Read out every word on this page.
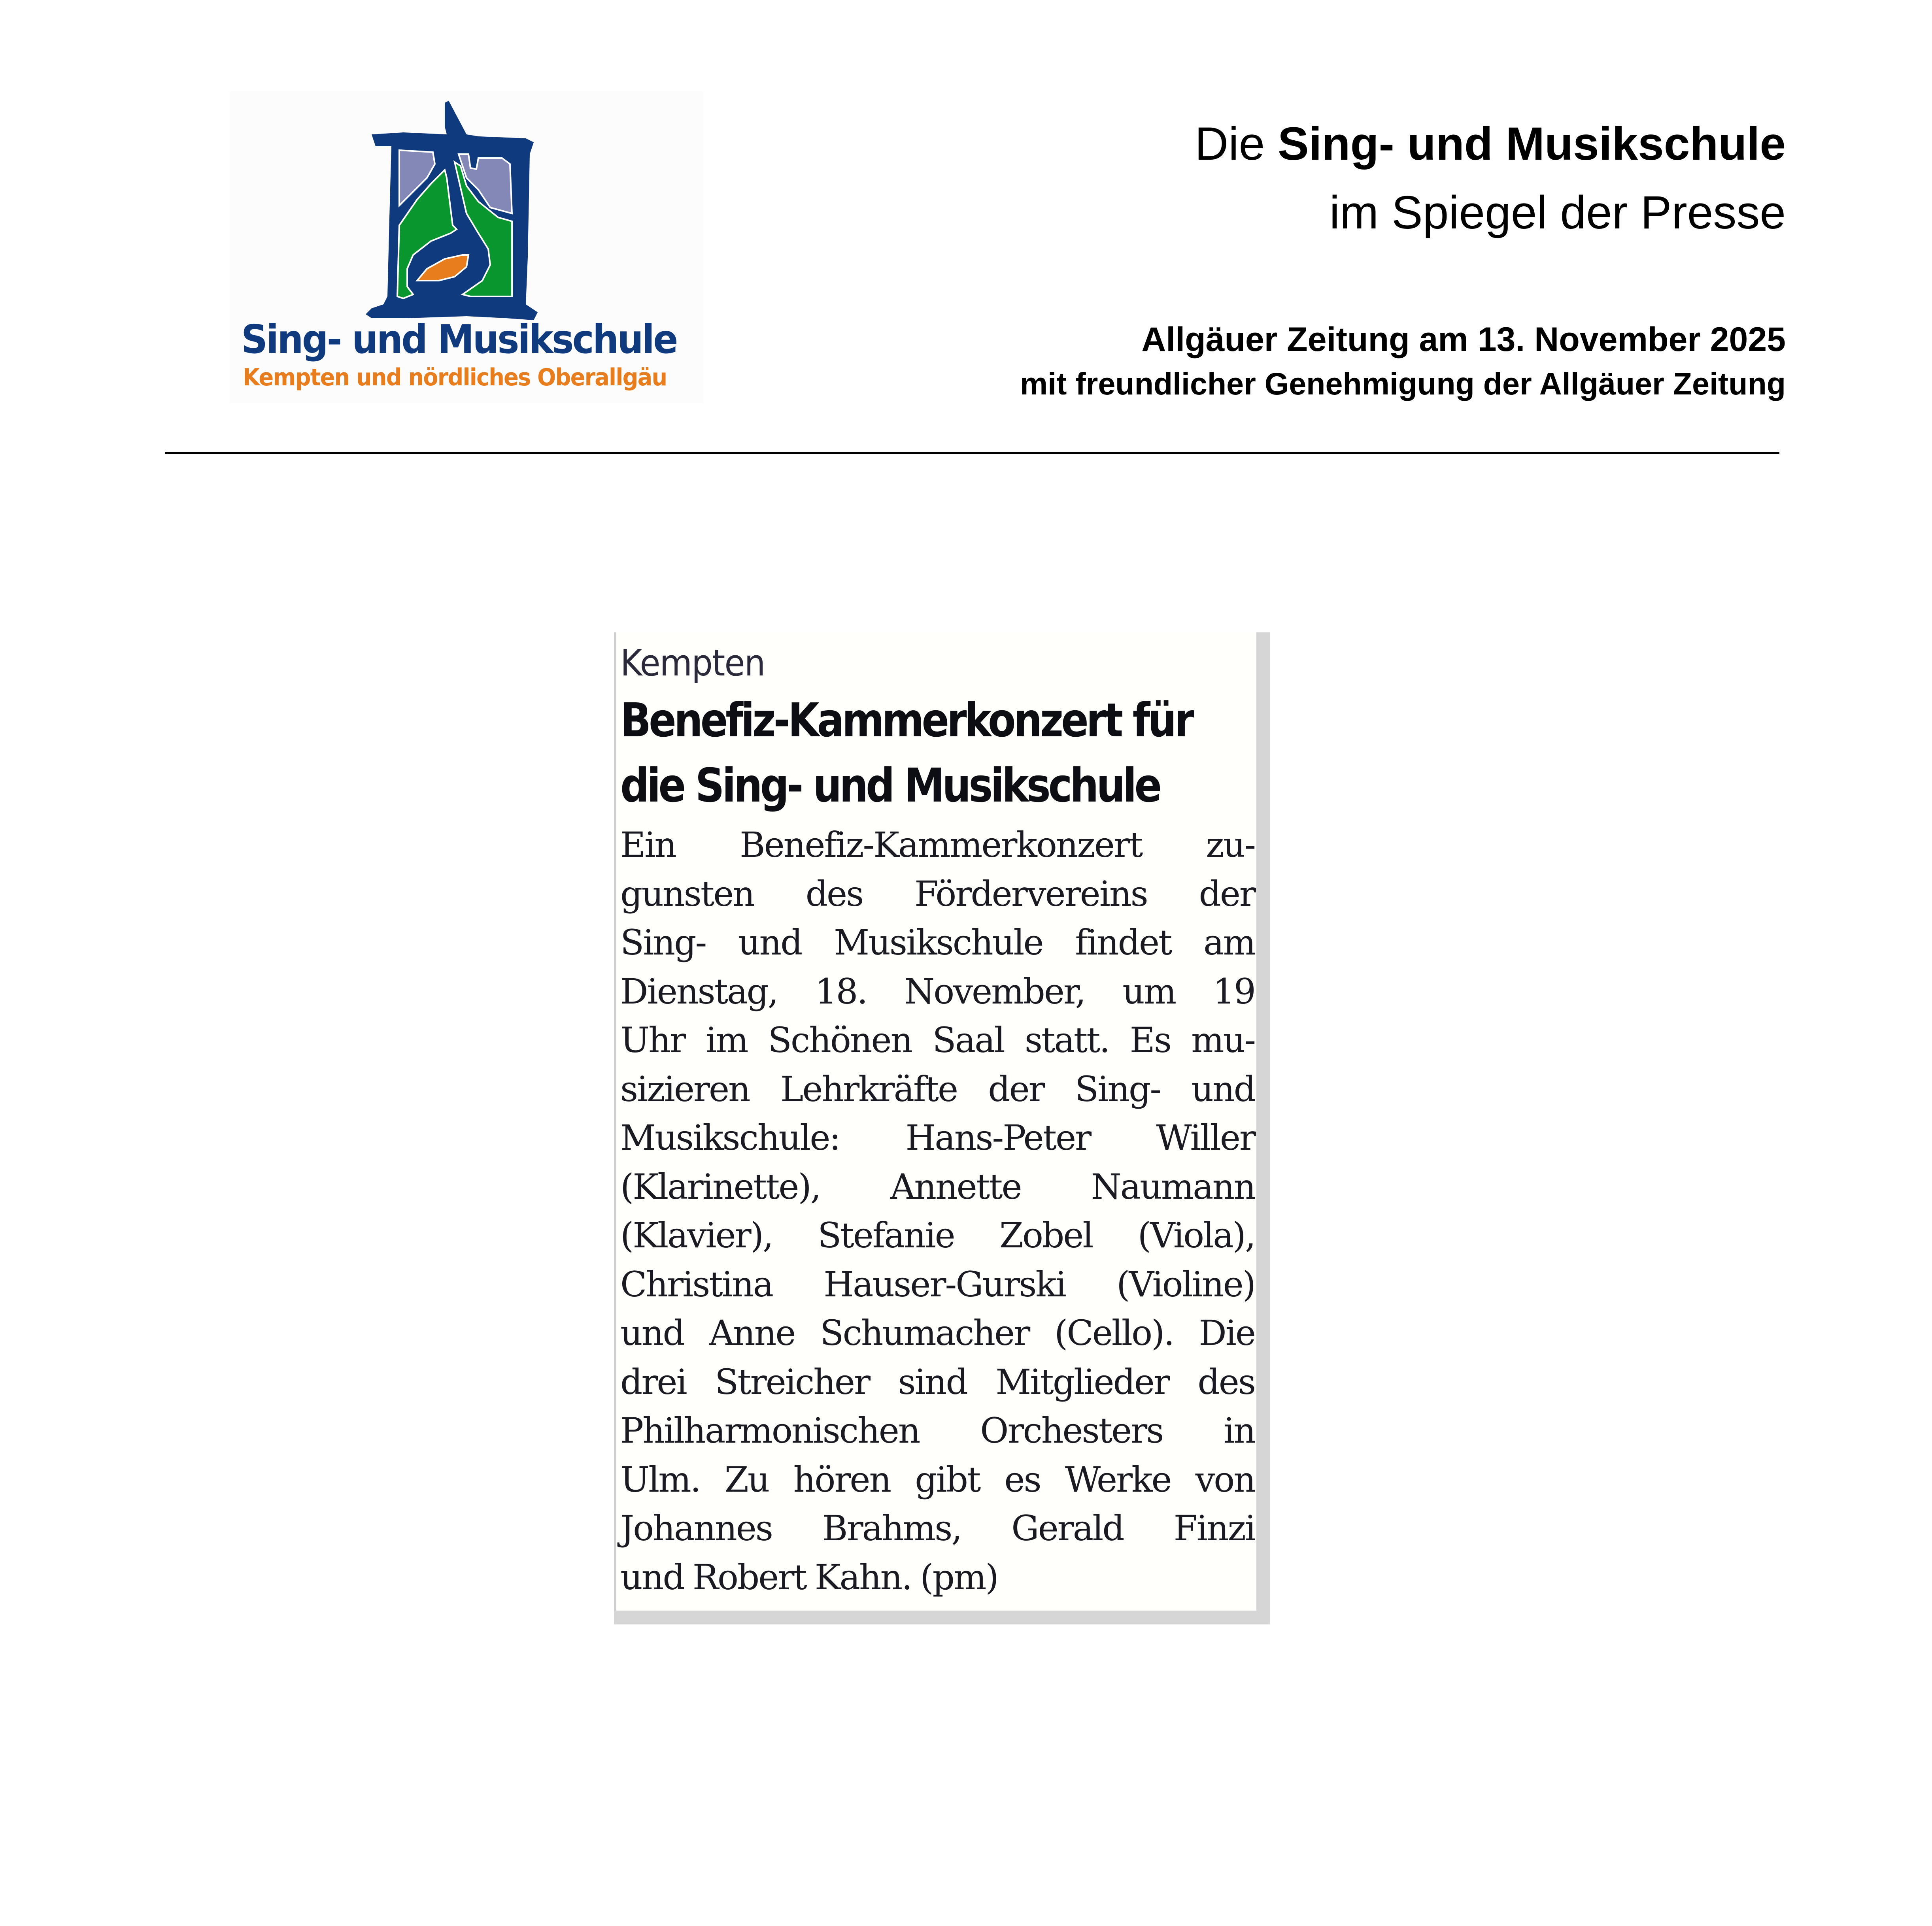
Sing- und Musikschule
Kempten und nördliches Oberallgäu
Die Sing- und Musikschule
im Spiegel der Presse
Allgäuer Zeitung am 13. November 2025
mit freundlicher Genehmigung der Allgäuer Zeitung
Kempten
Benefiz-Kammerkonzert für
die Sing- und Musikschule
Ein Benefiz-Kammerkonzert zu-
gunsten des Fördervereins der
Sing- und Musikschule findet am
Dienstag, 18. November, um 19
Uhr im Schönen Saal statt. Es mu-
sizieren Lehrkräfte der Sing- und
Musikschule: Hans-Peter Willer
(Klarinette), Annette Naumann
(Klavier), Stefanie Zobel (Viola),
Christina Hauser-Gurski (Violine)
und Anne Schumacher (Cello). Die
drei Streicher sind Mitglieder des
Philharmonischen Orchesters in
Ulm. Zu hören gibt es Werke von
Johannes Brahms, Gerald Finzi
und Robert Kahn. (pm)
